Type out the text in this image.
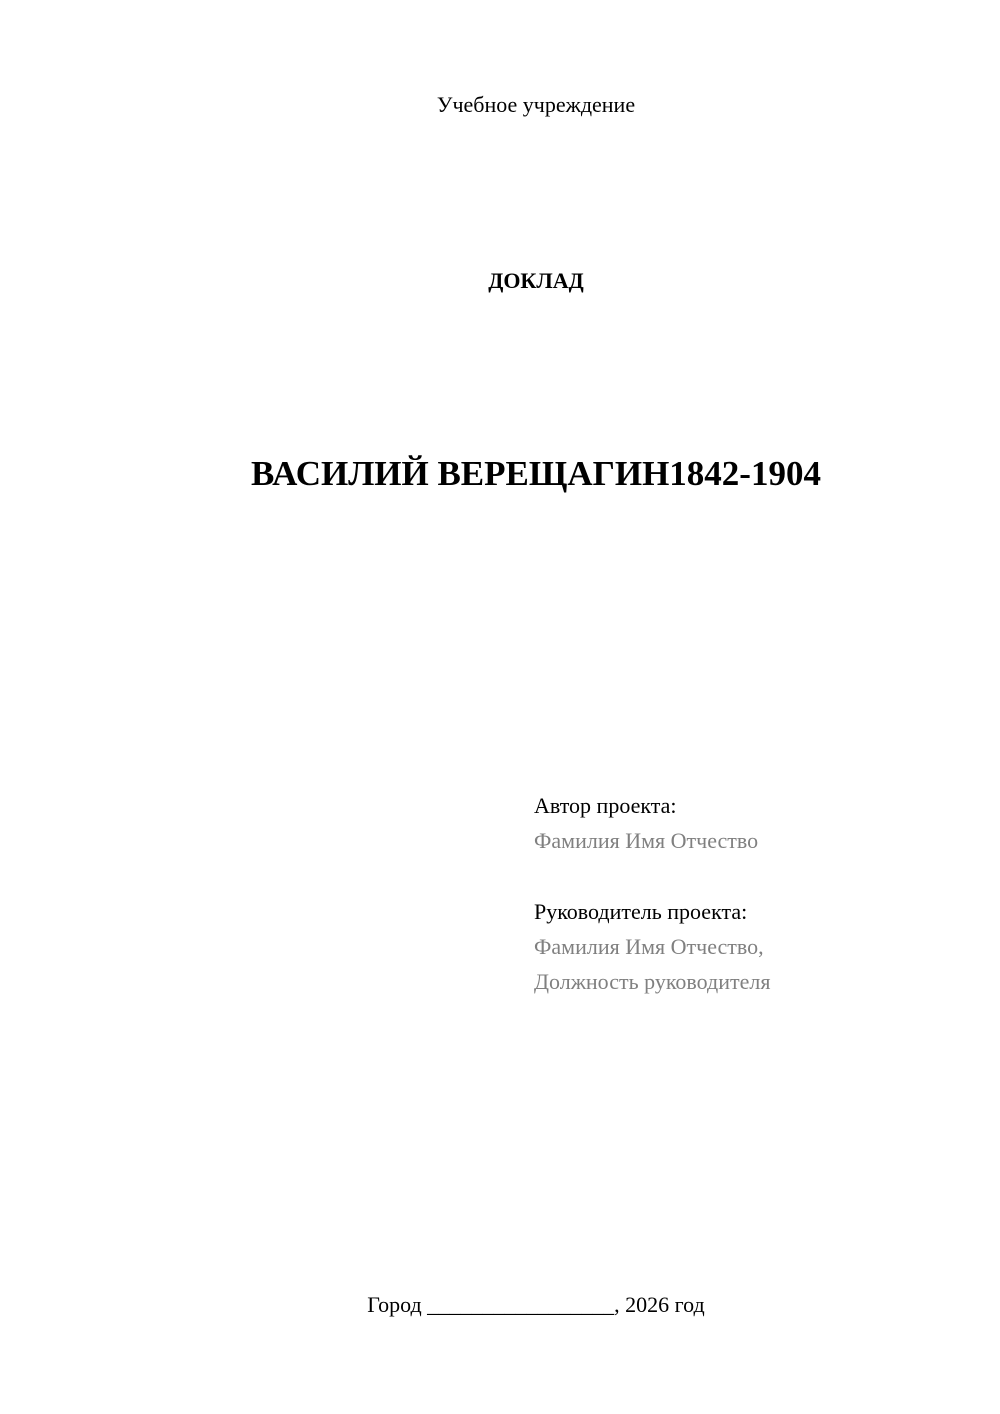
Учебное учреждение
ДОКЛАД
ВАСИЛИЙ ВЕРЕЩАГИН1842-1904
Автор проекта:
Фамилия Имя Отчество
Руководитель проекта:
Фамилия Имя Отчество,
Должность руководителя
Город _________________, 2026 год
